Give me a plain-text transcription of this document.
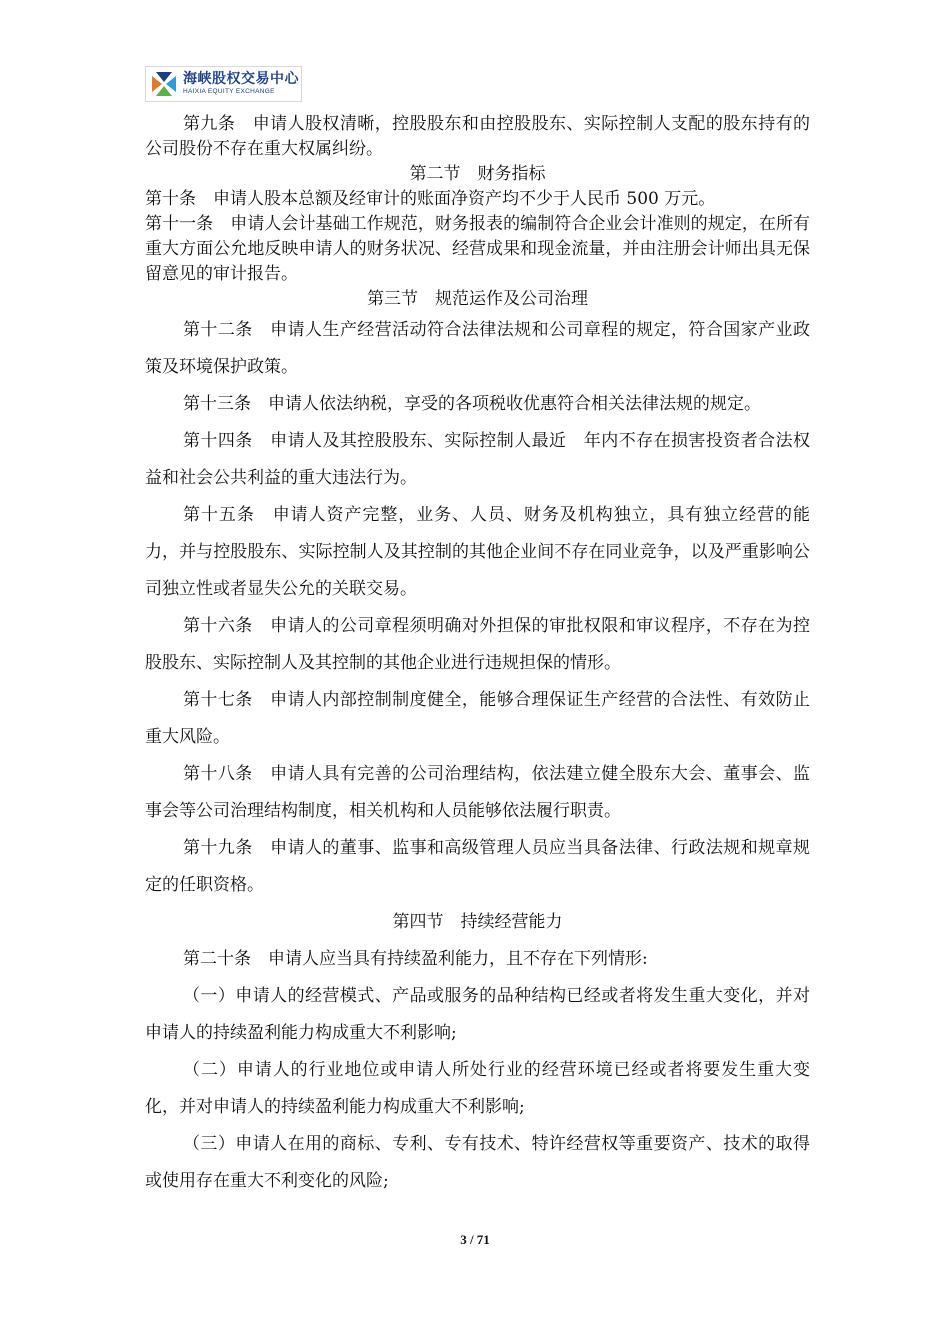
海峡股权交易中心
HAIXIA EQUITY EXCHANGE

第九条　申请人股权清晰，控股股东和由控股股东、实际控制人支配的股东持有的公司股份不存在重大权属纠纷。

第二节　财务指标

第十条　申请人股本总额及经审计的账面净资产均不少于人民币 500 万元。

第十一条　申请人会计基础工作规范，财务报表的编制符合企业会计准则的规定，在所有重大方面公允地反映申请人的财务状况、经营成果和现金流量，并由注册会计师出具无保留意见的审计报告。

第三节　规范运作及公司治理

第十二条　申请人生产经营活动符合法律法规和公司章程的规定，符合国家产业政策及环境保护政策。

第十三条　申请人依法纳税，享受的各项税收优惠符合相关法律法规的规定。

第十四条　申请人及其控股股东、实际控制人最近　年内不存在损害投资者合法权益和社会公共利益的重大违法行为。

第十五条　申请人资产完整，业务、人员、财务及机构独立，具有独立经营的能力，并与控股股东、实际控制人及其控制的其他企业间不存在同业竞争，以及严重影响公司独立性或者显失公允的关联交易。

第十六条　申请人的公司章程须明确对外担保的审批权限和审议程序，不存在为控股股东、实际控制人及其控制的其他企业进行违规担保的情形。

第十七条　申请人内部控制制度健全，能够合理保证生产经营的合法性、有效防止重大风险。

第十八条　申请人具有完善的公司治理结构，依法建立健全股东大会、董事会、监事会等公司治理结构制度，相关机构和人员能够依法履行职责。

第十九条　申请人的董事、监事和高级管理人员应当具备法律、行政法规和规章规定的任职资格。

第四节　持续经营能力

第二十条　申请人应当具有持续盈利能力，且不存在下列情形:

（一）申请人的经营模式、产品或服务的品种结构已经或者将发生重大变化，并对申请人的持续盈利能力构成重大不利影响;

（二）申请人的行业地位或申请人所处行业的经营环境已经或者将要发生重大变化，并对申请人的持续盈利能力构成重大不利影响;

（三）申请人在用的商标、专利、专有技术、特许经营权等重要资产、技术的取得或使用存在重大不利变化的风险;

3 / 71
